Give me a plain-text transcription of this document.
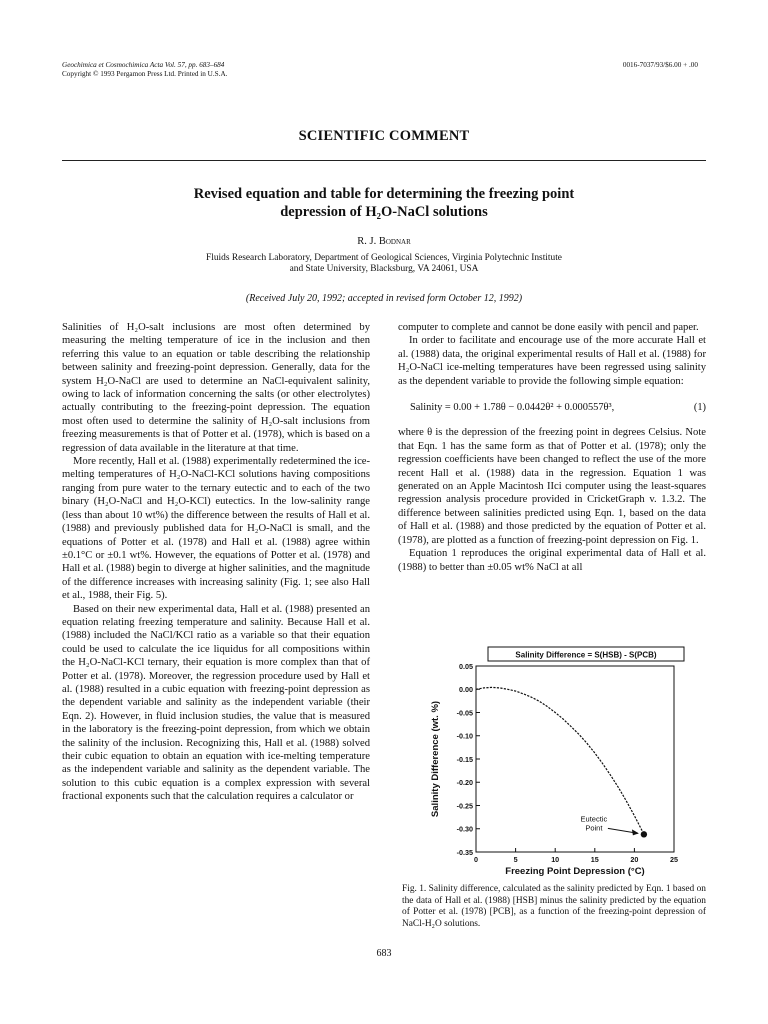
Geochimica et Cosmochimica Acta Vol. 57, pp. 683–684
Copyright © 1993 Pergamon Press Ltd. Printed in U.S.A.
0016-7037/93/$6.00 + .00
SCIENTIFIC COMMENT
Revised equation and table for determining the freezing point
depression of H₂O-NaCl solutions
R. J. Bodnar
Fluids Research Laboratory, Department of Geological Sciences, Virginia Polytechnic Institute
and State University, Blacksburg, VA 24061, USA
(Received July 20, 1992; accepted in revised form October 12, 1992)

Salinities of H₂O-salt inclusions are most often determined by measuring the melting temperature of ice in the inclusion and then referring this value to an equation or table describing the relationship between salinity and freezing-point depression. Generally, data for the system H₂O-NaCl are used to determine an NaCl-equivalent salinity, owing to lack of information concerning the salts (or other electrolytes) actually contributing to the freezing-point depression. The equation most often used to determine the salinity of H₂O-salt inclusions from freezing measurements is that of Potter et al. (1978), which is based on a regression of data available in the literature at that time.

More recently, Hall et al. (1988) experimentally redetermined the ice-melting temperatures of H₂O-NaCl-KCl solutions having compositions ranging from pure water to the ternary eutectic and to each of the two binary (H₂O-NaCl and H₂O-KCl) eutectics. In the low-salinity range (less than about 10 wt%) the difference between the results of Hall et al. (1988) and previously published data for H₂O-NaCl is small, and the equations of Potter et al. (1978) and Hall et al. (1988) agree within ±0.1°C or ±0.1 wt%. However, the equations of Potter et al. (1978) and Hall et al. (1988) begin to diverge at higher salinities, and the magnitude of the difference increases with increasing salinity (Fig. 1; see also Hall et al., 1988, their Fig. 5).

Based on their new experimental data, Hall et al. (1988) presented an equation relating freezing temperature and salinity. Because Hall et al. (1988) included the NaCl/KCl ratio as a variable so that their equation could be used to calculate the ice liquidus for all compositions within the H₂O-NaCl-KCl ternary, their equation is more complex than that of Potter et al. (1978). Moreover, the regression procedure used by Hall et al. (1988) resulted in a cubic equation with freezing-point depression as the dependent variable and salinity as the independent variable (their Eqn. 2). However, in fluid inclusion studies, the value that is measured in the laboratory is the freezing-point depression, from which we obtain the salinity of the inclusion. Recognizing this, Hall et al. (1988) solved their cubic equation to obtain an equation with ice-melting temperature as the independent variable and salinity as the dependent variable. The solution to this cubic equation is a complex expression with several fractional exponents such that the calculation requires a calculator or

computer to complete and cannot be done easily with pencil and paper.

In order to facilitate and encourage use of the more accurate Hall et al. (1988) data, the original experimental results of Hall et al. (1988) for H₂O-NaCl ice-melting temperatures have been regressed using salinity as the dependent variable to provide the following simple equation:

Salinity = 0.00 + 1.78θ − 0.0442θ² + 0.000557θ³,	(1)

where θ is the depression of the freezing point in degrees Celsius. Note that Eqn. 1 has the same form as that of Potter et al. (1978); only the regression coefficients have been changed to reflect the use of the more recent Hall et al. (1988) data in the regression. Equation 1 was generated on an Apple Macintosh IIci computer using the least-squares regression analysis procedure provided in CricketGraph v. 1.3.2. The difference between salinities predicted using Eqn. 1, based on the data of Hall et al. (1988) and those predicted by the equation of Potter et al. (1978), are plotted as a function of freezing-point depression on Fig. 1.

Equation 1 reproduces the original experimental data of Hall et al. (1988) to better than ±0.05 wt% NaCl at all

Salinity Difference = S(HSB) - S(PCB)
0.05
0.00
-0.05
-0.10
-0.15
-0.20
-0.25
-0.30
-0.35
0	5	10	15	20	25
Eutectic
Point
Freezing Point Depression (°C)
Salinity Difference (wt. %)
Fig. 1. Salinity difference, calculated as the salinity predicted by Eqn. 1 based on the data of Hall et al. (1988) [HSB] minus the salinity predicted by the equation of Potter et al. (1978) [PCB], as a function of the freezing-point depression of NaCl-H₂O solutions.
683
